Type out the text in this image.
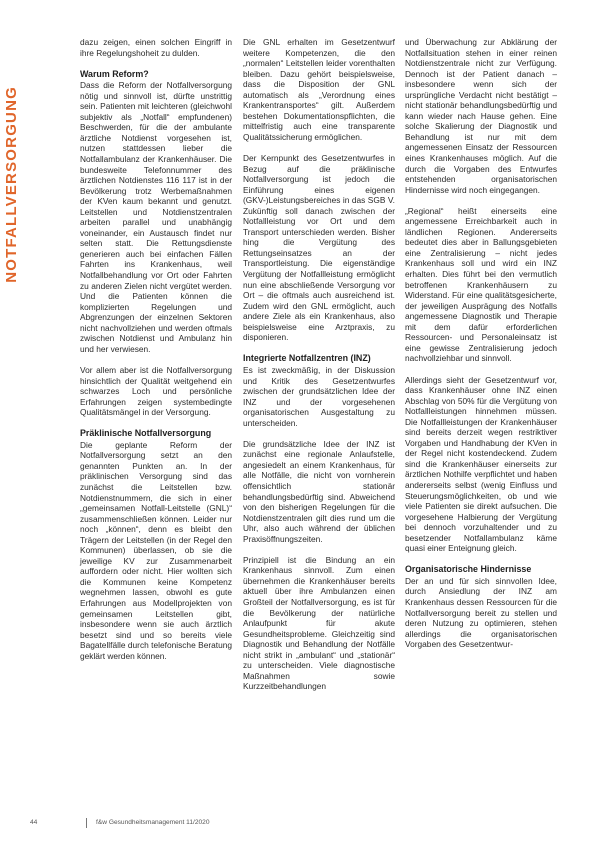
NOTFALLVERSORGUNG

dazu zeigen, einen solchen Eingriff in ihre Regelungshoheit zu dulden.

Warum Reform?

Dass die Reform der Notfallversorgung nötig und sinnvoll ist, dürfte unstrittig sein. Patienten mit leichteren (gleichwohl subjektiv als „Notfall“ empfundenen) Beschwerden, für die der ambulante ärztliche Notdienst vorgesehen ist, nutzen stattdessen lieber die Notfallambulanz der Krankenhäuser. Die bundesweite Telefonnummer des ärztlichen Notdienstes 116 117 ist in der Bevölkerung trotz Werbemaßnahmen der KVen kaum bekannt und genutzt. Leitstellen und Notdienstzentralen arbeiten parallel und unabhängig voneinander, ein Austausch findet nur selten statt. Die Rettungsdienste generieren auch bei einfachen Fällen Fahrten ins Krankenhaus, weil Notfallbehandlung vor Ort oder Fahrten zu anderen Zielen nicht vergütet werden. Und die Patienten können die komplizierten Regelungen und Abgrenzungen der einzelnen Sektoren nicht nachvollziehen und werden oftmals zwischen Notdienst und Ambulanz hin und her verwiesen.

Vor allem aber ist die Notfallversorgung hinsichtlich der Qualität weitgehend ein schwarzes Loch und persönliche Erfahrungen zeigen systembedingte Qualitätsmängel in der Versorgung.

Präklinische Notfallversorgung

Die geplante Reform der Notfallversorgung setzt an den genannten Punkten an. In der präklinischen Versorgung sind das zunächst die Leitstellen bzw. Notdienstnummern, die sich in einer „gemeinsamen Notfall-Leitstelle (GNL)“ zusammenschließen können. Leider nur noch „können“, denn es bleibt den Trägern der Leitstellen (in der Regel den Kommunen) überlassen, ob sie die jeweilige KV zur Zusammenarbeit auffordern oder nicht. Hier wollten sich die Kommunen keine Kompetenz wegnehmen lassen, obwohl es gute Erfahrungen aus Modellprojekten von gemeinsamen Leitstellen gibt, insbesondere wenn sie auch ärztlich besetzt sind und so bereits viele Bagatellfälle durch telefonische Beratung geklärt werden können.

Die GNL erhalten im Gesetzentwurf weitere Kompetenzen, die den „normalen“ Leitstellen leider vorenthalten bleiben. Dazu gehört beispielsweise, dass die Disposition der GNL automatisch als „Verordnung eines Krankentransportes“ gilt. Außerdem bestehen Dokumentationspflichten, die mittelfristig auch eine transparente Qualitätssicherung ermöglichen.

Der Kernpunkt des Gesetzentwurfes in Bezug auf die präklinische Notfallversorgung ist jedoch die Einführung eines eigenen (GKV-)Leistungsbereiches in das SGB V. Zukünftig soll danach zwischen der Notfallleistung vor Ort und dem Transport unterschieden werden. Bisher hing die Vergütung des Rettungseinsatzes an der Transportleistung. Die eigenständige Vergütung der Notfallleistung ermöglicht nun eine abschließende Versorgung vor Ort – die oftmals auch ausreichend ist. Zudem wird den GNL ermöglicht, auch andere Ziele als ein Krankenhaus, also beispielsweise eine Arztpraxis, zu disponieren.

Integrierte Notfallzentren (INZ)

Es ist zweckmäßig, in der Diskussion und Kritik des Gesetzentwurfes zwischen der grundsätzlichen Idee der INZ und der vorgesehenen organisatorischen Ausgestaltung zu unterscheiden.

Die grundsätzliche Idee der INZ ist zunächst eine regionale Anlaufstelle, angesiedelt an einem Krankenhaus, für alle Notfälle, die nicht von vornherein offensichtlich stationär behandlungsbedürftig sind. Abweichend von den bisherigen Regelungen für die Notdienstzentralen gilt dies rund um die Uhr, also auch während der üblichen Praxisöffnungszeiten.

Prinzipiell ist die Bindung an ein Krankenhaus sinnvoll. Zum einen übernehmen die Krankenhäuser bereits aktuell über ihre Ambulanzen einen Großteil der Notfallversorgung, es ist für die Bevölkerung der natürliche Anlaufpunkt für akute Gesundheitsprobleme. Gleichzeitig sind Diagnostik und Behandlung der Notfälle nicht strikt in „ambulant“ und „stationär“ zu unterscheiden. Viele diagnostische Maßnahmen sowie Kurzzeitbehandlungen

und Überwachung zur Abklärung der Notfallsituation stehen in einer reinen Notdienstzentrale nicht zur Verfügung. Dennoch ist der Patient danach – insbesondere wenn sich der ursprüngliche Verdacht nicht bestätigt – nicht stationär behandlungsbedürftig und kann wieder nach Hause gehen. Eine solche Skalierung der Diagnostik und Behandlung ist nur mit dem angemessenen Einsatz der Ressourcen eines Krankenhauses möglich. Auf die durch die Vorgaben des Entwurfes entstehenden organisatorischen Hindernisse wird noch eingegangen.

„Regional“ heißt einerseits eine angemessene Erreichbarkeit auch in ländlichen Regionen. Andererseits bedeutet dies aber in Ballungsgebieten eine Zentralisierung – nicht jedes Krankenhaus soll und wird ein INZ erhalten. Dies führt bei den vermutlich betroffenen Krankenhäusern zu Widerstand. Für eine qualitätsgesicherte, der jeweiligen Ausprägung des Notfalls angemessene Diagnostik und Therapie mit dem dafür erforderlichen Ressourcen- und Personaleinsatz ist eine gewisse Zentralisierung jedoch nachvollziehbar und sinnvoll.

Allerdings sieht der Gesetzentwurf vor, dass Krankenhäuser ohne INZ einen Abschlag von 50% für die Vergütung von Notfallleistungen hinnehmen müssen. Die Notfallleistungen der Krankenhäuser sind bereits derzeit wegen restriktiver Vorgaben und Handhabung der KVen in der Regel nicht kostendeckend. Zudem sind die Krankenhäuser einerseits zur ärztlichen Nothilfe verpflichtet und haben andererseits selbst (wenig Einfluss und Steuerungsmöglichkeiten, ob und wie viele Patienten sie direkt aufsuchen. Die vorgesehene Halbierung der Vergütung bei dennoch vorzuhaltender und zu besetzender Notfallambulanz käme quasi einer Enteignung gleich.

Organisatorische Hindernisse

Der an und für sich sinnvollen Idee, durch Ansiedlung der INZ am Krankenhaus dessen Ressourcen für die Notfallversorgung bereit zu stellen und deren Nutzung zu optimieren, stehen allerdings die organisatorischen Vorgaben des Gesetzentwur-

44	f&w Gesundheitsmanagement 11/2020
